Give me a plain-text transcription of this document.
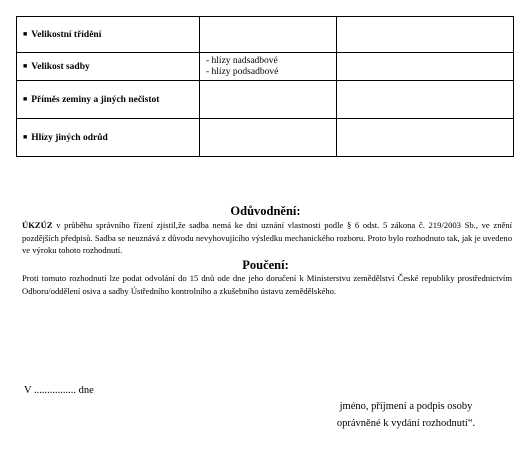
■ Velikostní třídění		
■ Velikost sadby	- hlízy nadsadbové
- hlízy podsadbové	

■ Příměs zeminy a jiných nečistot		
■ Hlízy jiných odrůd		
Odůvodnění:
ÚKZÚZ v průběhu správního řízení zjistil,že sadba nemá ke dni uznání vlastnosti podle § 6 odst. 5 zákona č. 219/2003 Sb., ve znění pozdějších předpisů. Sadba se neuznává z důvodu nevyhovujícího výsledku mechanického rozboru. Proto bylo rozhodnuto tak, jak je uvedeno ve výroku tohoto rozhodnutí.
Poučení:
Proti tomuto rozhodnutí lze podat odvolání do 15 dnů ode dne jeho doručení k Ministerstvu zemědělství České republiky prostřednictvím Odboru/oddělení osiva a sadby Ústředního kontrolního a zkušebního ústavu zemědělského.
V ................ dne
jméno, příjmení a podpis osoby
oprávněné k vydání rozhodnutí“.
